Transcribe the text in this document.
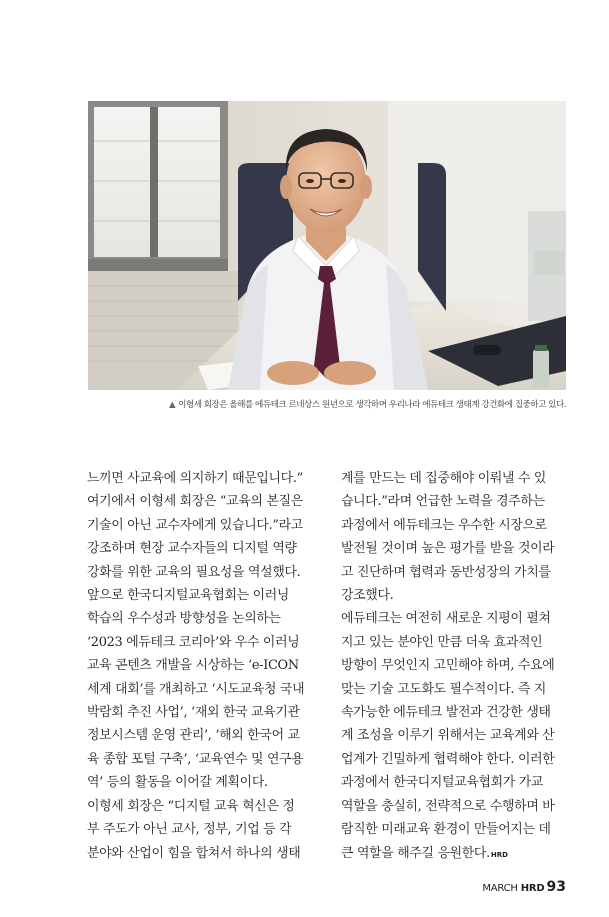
▲ 이형세 회장은 올해를 에듀테크 르네상스 원년으로 생각하며 우리나라 에듀테크 생태계 강건화에 집중하고 있다.

느끼면 사교육에 의지하기 때문입니다.”

여기에서 이형세 회장은 “교육의 본질은

기술이 아닌 교수자에게 있습니다.”라고

강조하며 현장 교수자들의 디지털 역량

강화를 위한 교육의 필요성을 역설했다.

앞으로 한국디지털교육협회는 이러닝

학습의 우수성과 방향성을 논의하는

‘2023 에듀테크 코리아’와 우수 이러닝

교육 콘텐츠 개발을 시상하는 ‘e-ICON

세계 대회’를 개최하고 ‘시도교육청 국내

박람회 추진 사업’, ‘재외 한국 교육기관

정보시스템 운영 관리’, ‘해외 한국어 교

육 종합 포털 구축’, ‘교육연수 및 연구용

역’ 등의 활동을 이어갈 계획이다.

이형세 회장은 “디지털 교육 혁신은 정

부 주도가 아닌 교사, 정부, 기업 등 각

분야와 산업이 힘을 합쳐서 하나의 생태

계를 만드는 데 집중해야 이뤄낼 수 있

습니다.”라며 언급한 노력을 경주하는

과정에서 에듀테크는 우수한 시장으로

발전될 것이며 높은 평가를 받을 것이라

고 진단하며 협력과 동반성장의 가치를

강조했다.

에듀테크는 여전히 새로운 지평이 펼쳐

지고 있는 분야인 만큼 더욱 효과적인

방향이 무엇인지 고민해야 하며, 수요에

맞는 기술 고도화도 필수적이다. 즉 지

속가능한 에듀테크 발전과 건강한 생태

계 조성을 이루기 위해서는 교육계와 산

업계가 긴밀하게 협력해야 한다. 이러한

과정에서 한국디지털교육협회가 가교

역할을 충실히, 전략적으로 수행하며 바

람직한 미래교육 환경이 만들어지는 데

큰 역할을 해주길 응원한다.HRD

MARCH HRD 93
